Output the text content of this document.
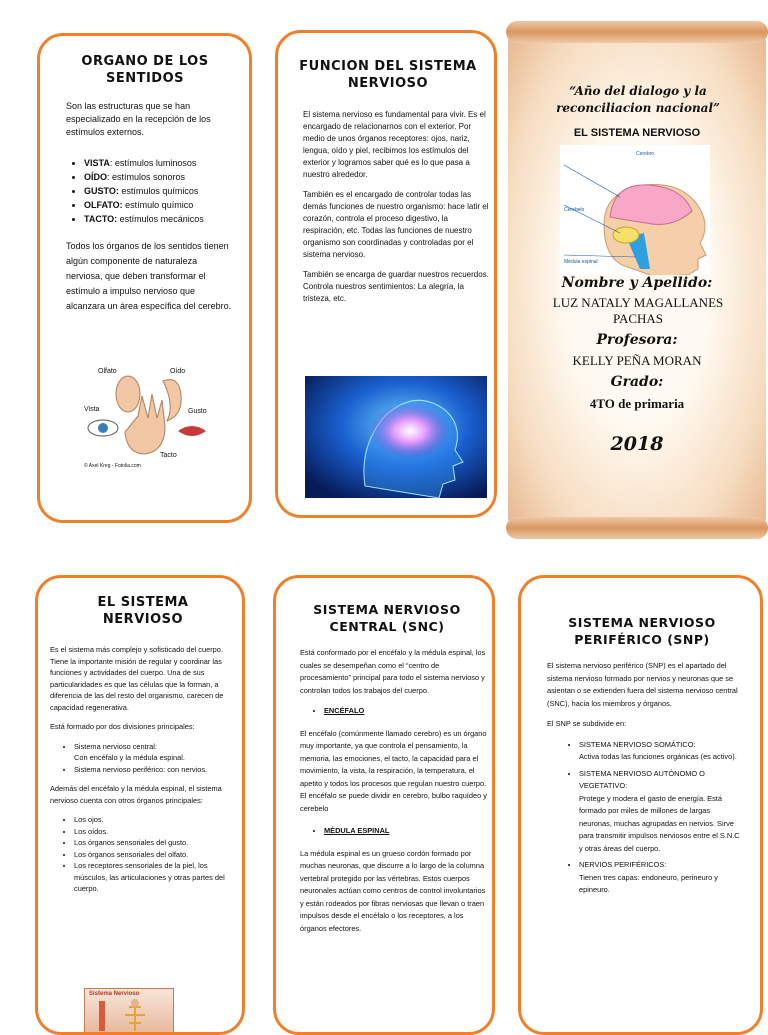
ORGANO DE LOS SENTIDOS
Son las estructuras que se han especializado en la recepción de los estímulos externos.
• VISTA: estímulos luminosos
• OÍDO: estímulos sonoros
• GUSTO: estímulos químicos
• OLFATO: estímulo químico
• TACTO: estímulos mecánicos
Todos los órganos de los sentidos tienen algún componente de naturaleza nerviosa, que deben transformar el estímulo a impulso nervioso que alcanzara un área específica del cerebro.
Olfato	Oído
Vista	Gusto
Tacto
© Axel Kreg - Fotolia.com
FUNCION DEL SISTEMA NERVIOSO

El sistema nervioso es fundamental para vivir. Es el encargado de relacionarnos con el exterior. Por medio de unos órganos receptores: ojos, nariz, lengua, oído y piel, recibimos los estímulos del exterior y logramos saber qué es lo que pasa a nuestro alrededor.

También es el encargado de controlar todas las demás funciones de nuestro organismo: hace latir el corazón, controla el proceso digestivo, la respiración, etc. Todas las funciones de nuestro organismo son coordinadas y controladas por el sistema nervioso.

También se encarga de guardar nuestros recuerdos. Controla nuestros sentimientos: La alegría, la tristeza, etc.

“Año del dialogo y la reconciliacion nacional”
EL SISTEMA NERVIOSO
Cerebro
Cerebelo
Médula espinal
Nombre y Apellido:
LUZ NATALY MAGALLANES PACHAS
Profesora:
KELLY PEÑA MORAN
Grado:
4TO de primaria
2018
EL SISTEMA NERVIOSO

Es el sistema más complejo y sofisticado del cuerpo. Tiene la importante misión de regular y coordinar las funciones y actividades del cuerpo. Una de sus particularidades es que las células que la forman, a diferencia de las del resto del organismo, carecen de capacidad regenerativa.

Está formado por dos divisiones principales:

• Sistema nervioso central:
Con encéfalo y la médula espinal.
• Sistema nervioso periférico: con nervios.

Además del encéfalo y la médula espinal, el sistema nervioso cuenta con otros órganos principales:

• Los ojos.
• Los oídos.
• Los órganos sensoriales del gusto.
• Los órganos sensoriales del olfato.
• Los receptores sensoriales de la piel, los músculos, las articulaciones y otras partes del cuerpo.
Sistema Nervioso
SISTEMA NERVIOSO CENTRAL (SNC)

Está conformado por el encéfalo y la médula espinal, los cuales se desempeñan como el “centro de procesamiento” principal para todo el sistema nervioso y controlan todos los trabajos del cuerpo.

• ENCÉFALO

El encéfalo (comúnmente llamado cerebro) es un órgano muy importante, ya que controla el pensamiento, la memoria, las emociones, el tacto, la capacidad para el movimiento, la vista, la respiración, la temperatura, el apetito y todos los procesos que regulan nuestro cuerpo. El encéfalo se puede dividir en cerebro, bulbo raquídeo y cerebelo

• MÉDULA ESPINAL

La médula espinal es un grueso cordón formado por muchas neuronas, que discurre a lo largo de la columna vertebral protegido por las vértebras. Estos cuerpos neuronales actúan como centros de control involuntarios y están rodeados por fibras nerviosas que llevan o traen impulsos desde el encéfalo o los receptores, a los órganos efectores.

SISTEMA NERVIOSO PERIFÉRICO (SNP)

El sistema nervioso periférico (SNP) es el apartado del sistema nervioso formado por nervios y neuronas que se asientan o se extienden fuera del sistema nervioso central (SNC), hacia los miembros y órganos.

El SNP se subdivide en:

• SISTEMA NERVIOSO SOMÁTICO:
Activa todas las funciones orgánicas (es activo).
• SISTEMA NERVIOSO AUTÓNOMO O VEGETATIVO:
Protege y modera el gasto de energía. Está formado por miles de millones de largas neuronas, muchas agrupadas en nervios. Sirve para transmitir impulsos nerviosos entre el S.N.C y otras áreas del cuerpo.
• NERVIOS PERIFÉRICOS:
Tienen tres capas: endoneuro, perineuro y epineuro.
